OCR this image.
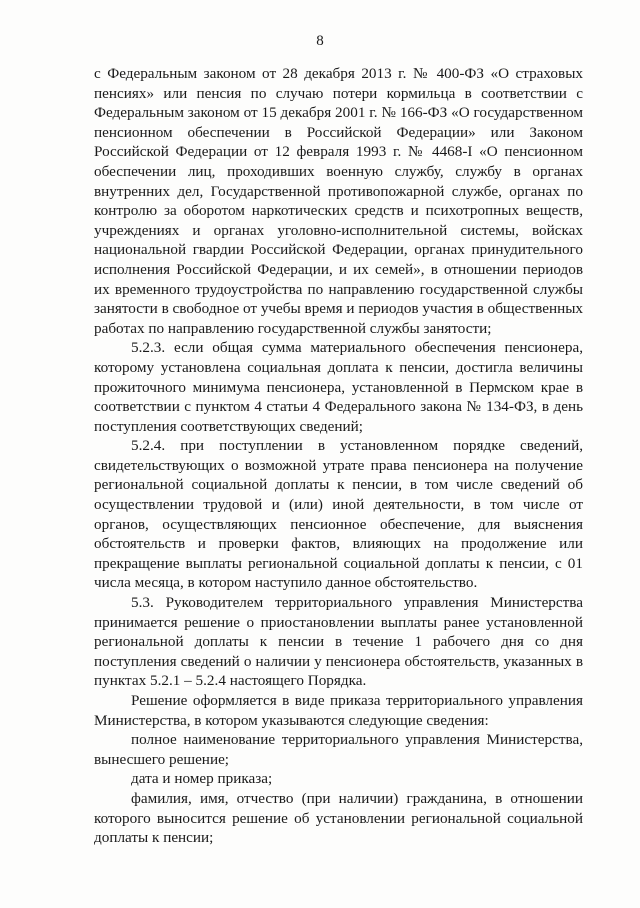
8

с Федеральным законом от 28 декабря 2013 г. № 400-ФЗ «О страховых пенсиях» или пенсия по случаю потери кормильца в соответствии с Федеральным законом от 15 декабря 2001 г. № 166-ФЗ «О государственном пенсионном обеспечении в Российской Федерации» или Законом Российской Федерации от 12 февраля 1993 г. № 4468-I «О пенсионном обеспечении лиц, проходивших военную службу, службу в органах внутренних дел, Государственной противопожарной службе, органах по контролю за оборотом наркотических средств и психотропных веществ, учреждениях и органах уголовно-исполнительной системы, войсках национальной гвардии Российской Федерации, органах принудительного исполнения Российской Федерации, и их семей», в отношении периодов их временного трудоустройства по направлению государственной службы занятости в свободное от учебы время и периодов участия в общественных работах по направлению государственной службы занятости;

5.2.3. если общая сумма материального обеспечения пенсионера, которому установлена социальная доплата к пенсии, достигла величины прожиточного минимума пенсионера, установленной в Пермском крае в соответствии с пунктом 4 статьи 4 Федерального закона № 134-ФЗ, в день поступления соответствующих сведений;

5.2.4. при поступлении в установленном порядке сведений, свидетельствующих о возможной утрате права пенсионера на получение региональной социальной доплаты к пенсии, в том числе сведений об осуществлении трудовой и (или) иной деятельности, в том числе от органов, осуществляющих пенсионное обеспечение, для выяснения обстоятельств и проверки фактов, влияющих на продолжение или прекращение выплаты региональной социальной доплаты к пенсии, с 01 числа месяца, в котором наступило данное обстоятельство.

5.3. Руководителем территориального управления Министерства принимается решение о приостановлении выплаты ранее установленной региональной доплаты к пенсии в течение 1 рабочего дня со дня поступления сведений о наличии у пенсионера обстоятельств, указанных в пунктах 5.2.1 – 5.2.4 настоящего Порядка.

Решение оформляется в виде приказа территориального управления Министерства, в котором указываются следующие сведения:

полное наименование территориального управления Министерства, вынесшего решение;

дата и номер приказа;

фамилия, имя, отчество (при наличии) гражданина, в отношении которого выносится решение об установлении региональной социальной доплаты к пенсии;
